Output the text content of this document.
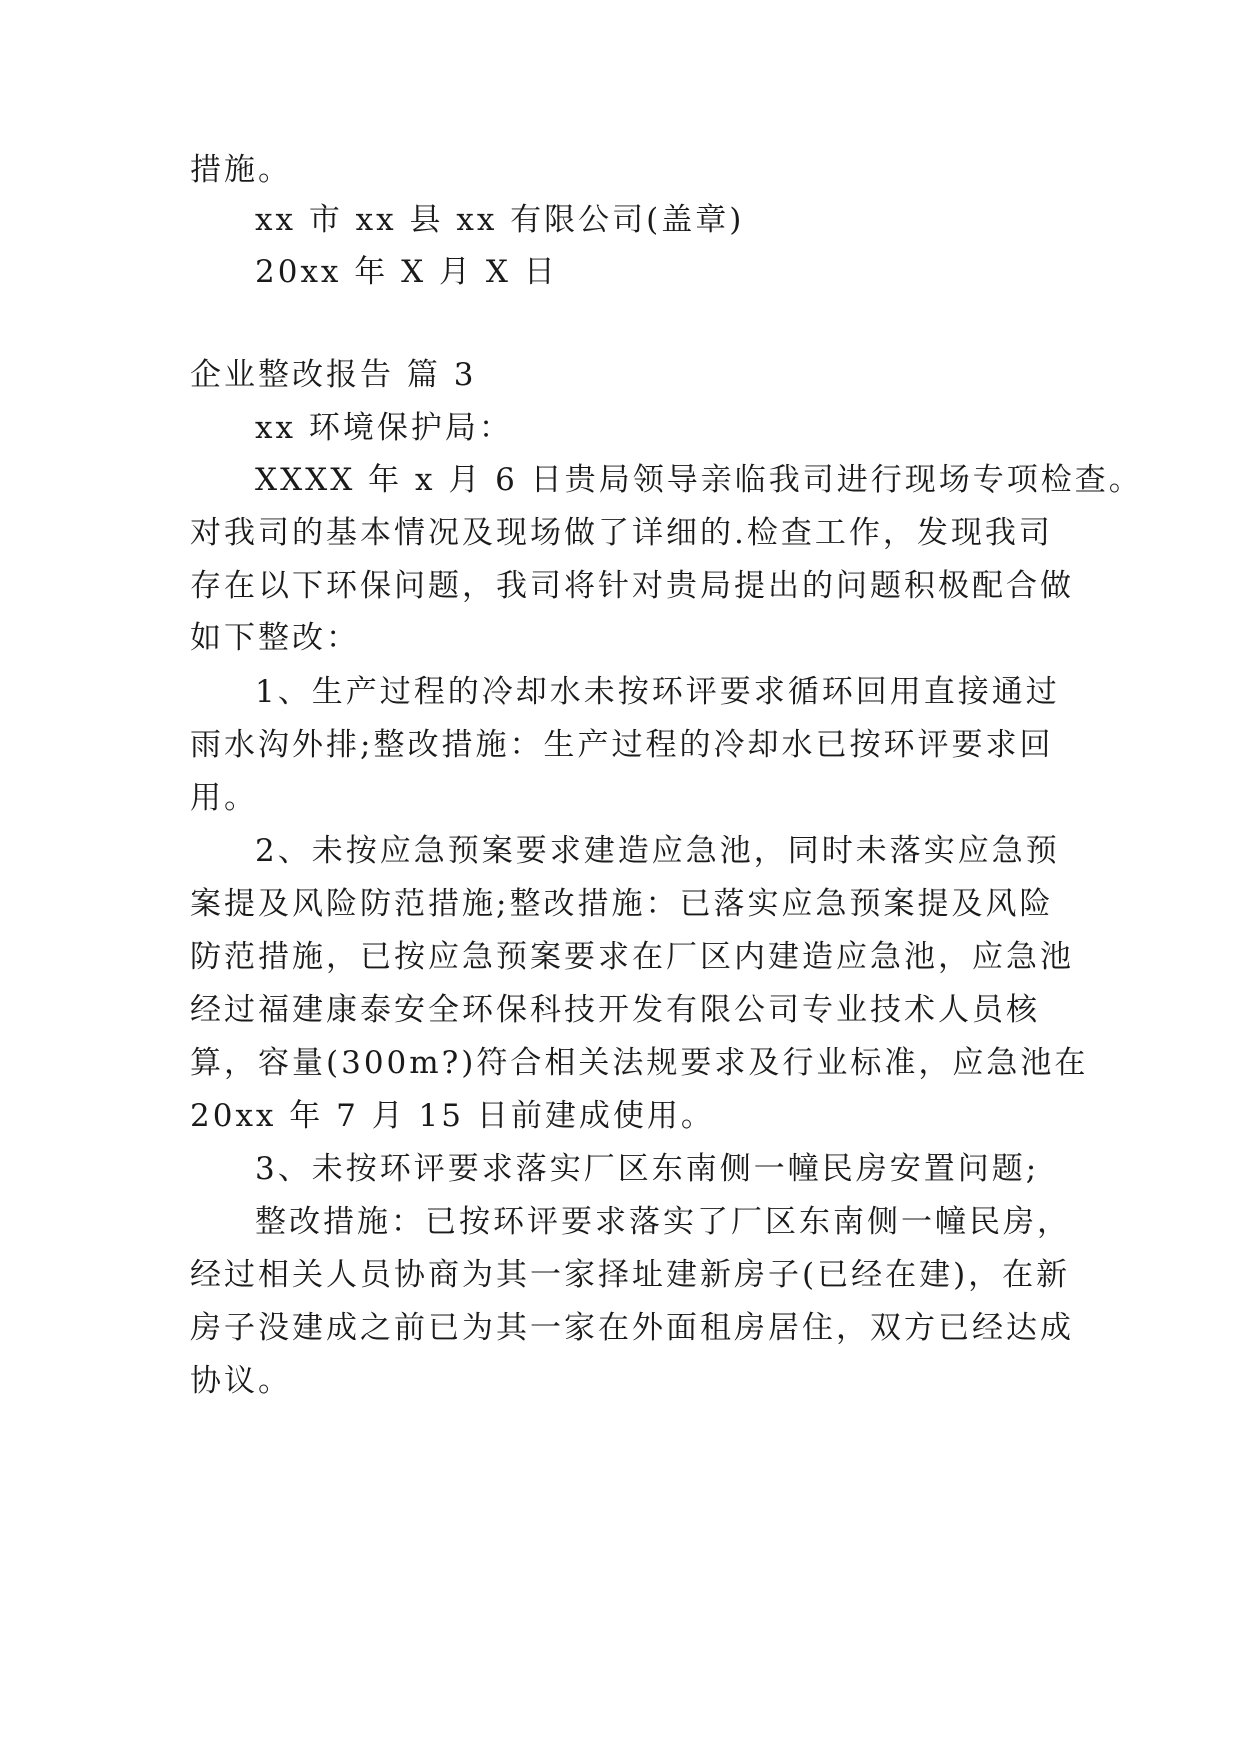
措施。
xx 市 xx 县 xx 有限公司(盖章)
20xx 年 X 月 X 日
企业整改报告 篇 3
xx 环境保护局：
XXXX 年 x 月 6 日贵局领导亲临我司进行现场专项检查。
对我司的基本情况及现场做了详细的.检查工作，发现我司
存在以下环保问题，我司将针对贵局提出的问题积极配合做
如下整改：
1、生产过程的冷却水未按环评要求循环回用直接通过
雨水沟外排;整改措施：生产过程的冷却水已按环评要求回
用。
2、未按应急预案要求建造应急池，同时未落实应急预
案提及风险防范措施;整改措施：已落实应急预案提及风险
防范措施，已按应急预案要求在厂区内建造应急池，应急池
经过福建康泰安全环保科技开发有限公司专业技术人员核
算，容量(300m?)符合相关法规要求及行业标准，应急池在
20xx 年 7 月 15 日前建成使用。
3、未按环评要求落实厂区东南侧一幢民房安置问题;
整改措施：已按环评要求落实了厂区东南侧一幢民房，
经过相关人员协商为其一家择址建新房子(已经在建)，在新
房子没建成之前已为其一家在外面租房居住，双方已经达成
协议。
